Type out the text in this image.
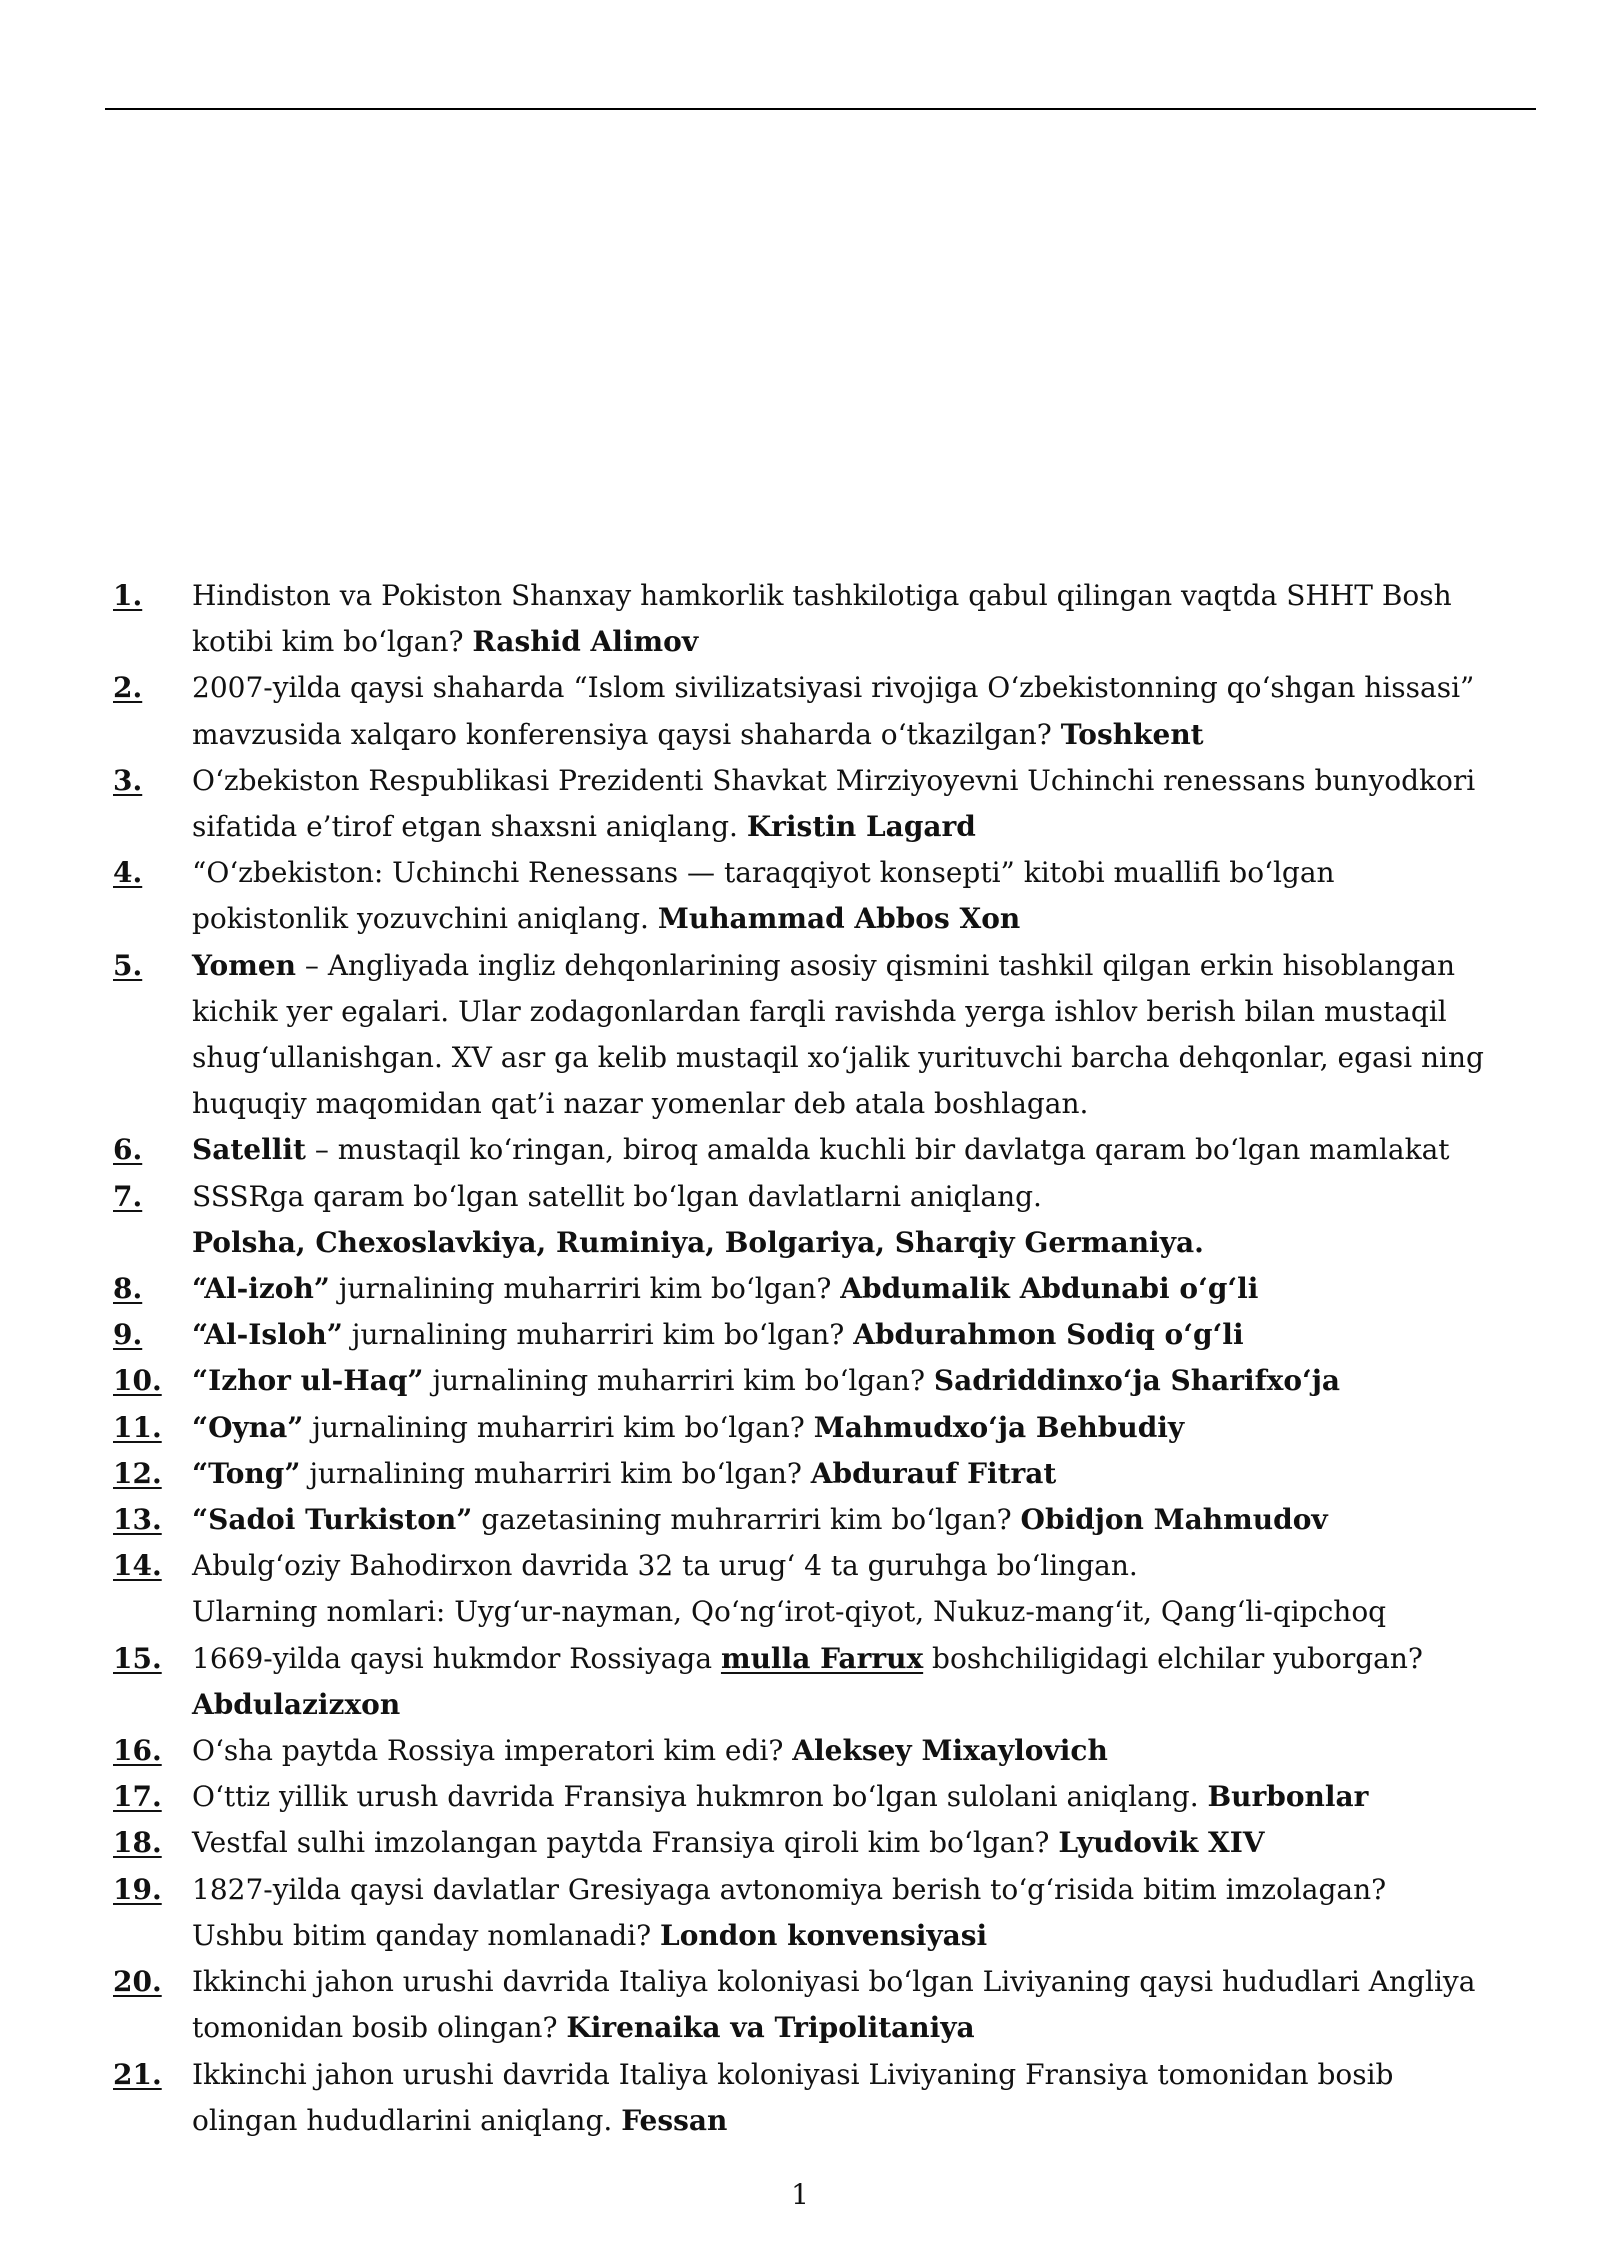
1.	Hindiston va Pokiston Shanxay hamkorlik tashkilotiga qabul qilingan vaqtda SHHT Bosh kotibi kim bo‘lgan? Rashid Alimov
2.	2007-yilda qaysi shaharda “Islom sivilizatsiyasi rivojiga O‘zbekistonning qo‘shgan hissasi” mavzusida xalqaro konferensiya qaysi shaharda o‘tkazilgan? Toshkent
3.	O‘zbekiston Respublikasi Prezidenti Shavkat Mirziyoyevni Uchinchi renessans bunyodkori sifatida e’tirof etgan shaxsni aniqlang. Kristin Lagard
4.	“O‘zbekiston: Uchinchi Renessans — taraqqiyot konsepti” kitobi muallifi bo‘lgan pokistonlik yozuvchini aniqlang. Muhammad Abbos Xon
5.	Yomen – Angliyada ingliz dehqonlarining asosiy qismini tashkil qilgan erkin hisoblangan kichik yer egalari. Ular zodagonlardan farqli ravishda yerga ishlov berish bilan mustaqil shug‘ullanishgan. XV asr ga kelib mustaqil xo‘jalik yurituvchi barcha dehqonlar, egasi ning huquqiy maqomidan qat’i nazar yomenlar deb atala boshlagan.
6.	Satellit – mustaqil ko‘ringan, biroq amalda kuchli bir davlatga qaram bo‘lgan mamlakat
7.	SSSRga qaram bo‘lgan satellit bo‘lgan davlatlarni aniqlang.
Polsha, Chexoslavkiya, Ruminiya, Bolgariya, Sharqiy Germaniya.
8.	“Al-izoh” jurnalining muharriri kim bo‘lgan? Abdumalik Abdunabi o‘g‘li
9.	“Al-Isloh” jurnalining muharriri kim bo‘lgan? Abdurahmon Sodiq o‘g‘li
10.	“Izhor ul-Haq” jurnalining muharriri kim bo‘lgan? Sadriddinxo‘ja Sharifxo‘ja
11.	“Oyna” jurnalining muharriri kim bo‘lgan? Mahmudxo‘ja Behbudiy
12.	“Tong” jurnalining muharriri kim bo‘lgan? Abdurauf Fitrat
13.	“Sadoi Turkiston” gazetasining muhrarriri kim bo‘lgan? Obidjon Mahmudov
14.	Abulg‘oziy Bahodirxon davrida 32 ta urug‘ 4 ta guruhga bo‘lingan.
Ularning nomlari: Uyg‘ur-nayman, Qo‘ng‘irot-qiyot, Nukuz-mang‘it, Qang‘li-qipchoq
15.	1669-yilda qaysi hukmdor Rossiyaga mulla Farrux boshchiligidagi elchilar yuborgan?
Abdulazizxon
16.	O‘sha paytda Rossiya imperatori kim edi? Aleksey Mixaylovich
17.	O‘ttiz yillik urush davrida Fransiya hukmron bo‘lgan sulolani aniqlang. Burbonlar
18.	Vestfal sulhi imzolangan paytda Fransiya qiroli kim bo‘lgan? Lyudovik XIV
19.	1827-yilda qaysi davlatlar Gresiyaga avtonomiya berish to‘g‘risida bitim imzolagan?
Ushbu bitim qanday nomlanadi? London konvensiyasi
20.	Ikkinchi jahon urushi davrida Italiya koloniyasi bo‘lgan Liviyaning qaysi hududlari Angliya tomonidan bosib olingan? Kirenaika va Tripolitaniya
21.	Ikkinchi jahon urushi davrida Italiya koloniyasi Liviyaning Fransiya tomonidan bosib olingan hududlarini aniqlang. Fessan
1
